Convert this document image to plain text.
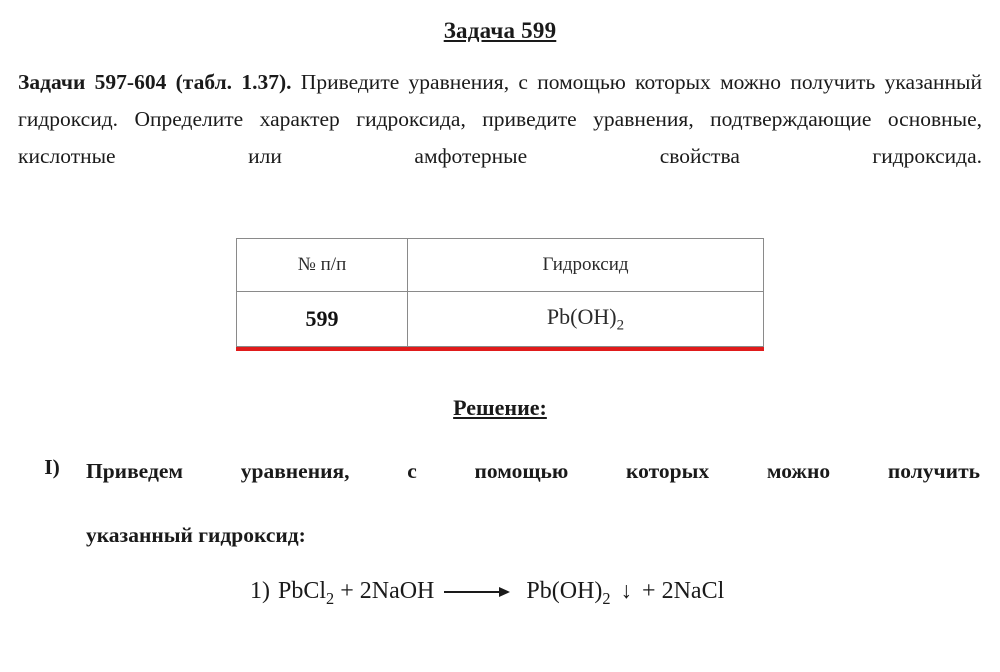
Задача 599

Задачи 597-604 (табл. 1.37). Приведите уравнения, с помощью которых можно получить указанный гидроксид. Определите характер гидроксида, приведите уравнения, подтверждающие основные, кислотные или амфотерные свойства гидроксида.

№ п/п	Гидроксид
599	$Pb(OH)_2$
Решение:
I)	Приведем уравнения, с помощью которых можно получить
указанный гидроксид:
1) PbCl$_2$ + 2NaOH	$Pb(OH)_2$ ↓ + 2NaCl
